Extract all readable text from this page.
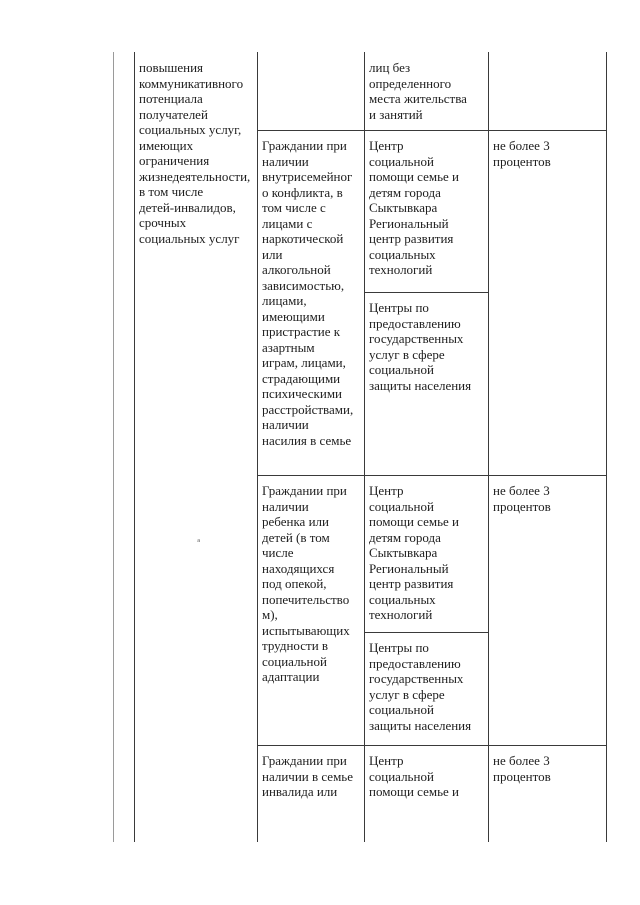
повышения
коммуникативного
потенциала
получателей
социальных услуг,
имеющих
ограничения
жизнедеятельности,
в том числе
детей-инвалидов,
срочных
социальных услуг
лиц без
определенного
места жительства
и занятий
Граждании при
наличии
внутрисемейног
о конфликта, в
том числе с
лицами с
наркотической
или
алкогольной
зависимостью,
лицами,
имеющими
пристрастие к
азартным
играм, лицами,
страдающими
психическими
расстройствами,
наличии
насилия в семье
Центр
социальной
помощи семье и
детям города
Сыктывкара
Региональный
центр развития
социальных
технологий
Центры по
предоставлению
государственных
услуг в сфере
социальной
защиты населения
не более 3
процентов
Граждании при
наличии
ребенка или
детей (в том
числе
находящихся
под опекой,
попечительство
м),
испытывающих
трудности в
социальной
адаптации
Центр
социальной
помощи семье и
детям города
Сыктывкара
Региональный
центр развития
социальных
технологий
Центры по
предоставлению
государственных
услуг в сфере
социальной
защиты населения
не более 3
процентов
Граждании при
наличии в семье
инвалида или
Центр
социальной
помощи семье и
не более 3
процентов
ᵃ
